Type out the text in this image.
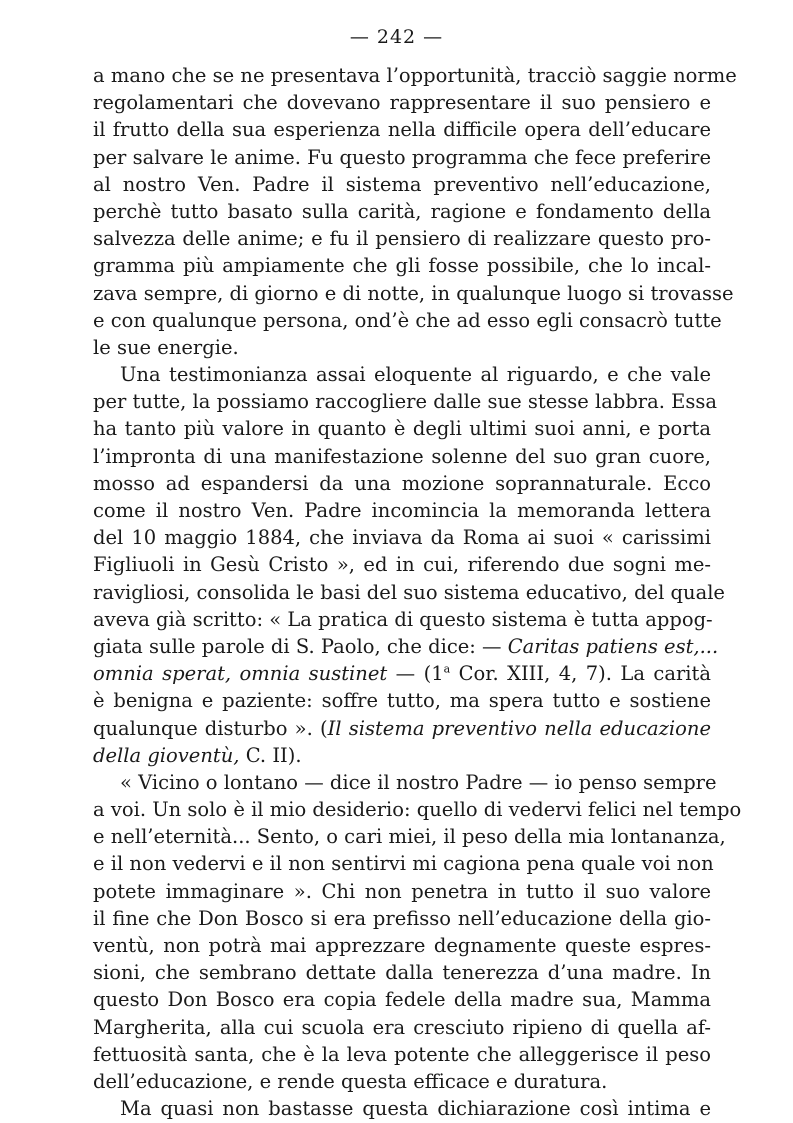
— 242 —
a mano che se ne presentava l’opportunità, tracciò saggie norme
regolamentari che dovevano rappresentare il suo pensiero e
il frutto della sua esperienza nella difficile opera dell’educare
per salvare le anime. Fu questo programma che fece preferire
al nostro Ven. Padre il sistema preventivo nell’educazione,
perchè tutto basato sulla carità, ragione e fondamento della
salvezza delle anime; e fu il pensiero di realizzare questo pro-
gramma più ampiamente che gli fosse possibile, che lo incal-
zava sempre, di giorno e di notte, in qualunque luogo si trovasse
e con qualunque persona, ond’è che ad esso egli consacrò tutte
le sue energie.
Una testimonianza assai eloquente al riguardo, e che vale
per tutte, la possiamo raccogliere dalle sue stesse labbra. Essa
ha tanto più valore in quanto è degli ultimi suoi anni, e porta
l’impronta di una manifestazione solenne del suo gran cuore,
mosso ad espandersi da una mozione soprannaturale. Ecco
come il nostro Ven. Padre incomincia la memoranda lettera
del 10 maggio 1884, che inviava da Roma ai suoi « carissimi
Figliuoli in Gesù Cristo », ed in cui, riferendo due sogni me-
ravigliosi, consolida le basi del suo sistema educativo, del quale
aveva già scritto: « La pratica di questo sistema è tutta appog-
giata sulle parole di S. Paolo, che dice: — Caritas patiens est,...
omnia sperat, omnia sustinet — (1$^a$ Cor. XIII, 4, 7). La carità
è benigna e paziente: soffre tutto, ma spera tutto e sostiene
qualunque disturbo ». (Il sistema preventivo nella educazione
della gioventù, C. II).
« Vicino o lontano — dice il nostro Padre — io penso sempre
a voi. Un solo è il mio desiderio: quello di vedervi felici nel tempo
e nell’eternità... Sento, o cari miei, il peso della mia lontananza,
e il non vedervi e il non sentirvi mi cagiona pena quale voi non
potete immaginare ». Chi non penetra in tutto il suo valore
il fine che Don Bosco si era prefisso nell’educazione della gio-
ventù, non potrà mai apprezzare degnamente queste espres-
sioni, che sembrano dettate dalla tenerezza d’una madre. In
questo Don Bosco era copia fedele della madre sua, Mamma
Margherita, alla cui scuola era cresciuto ripieno di quella af-
fettuosità santa, che è la leva potente che alleggerisce il peso
dell’educazione, e rende questa efficace e duratura.
Ma quasi non bastasse questa dichiarazione così intima e
